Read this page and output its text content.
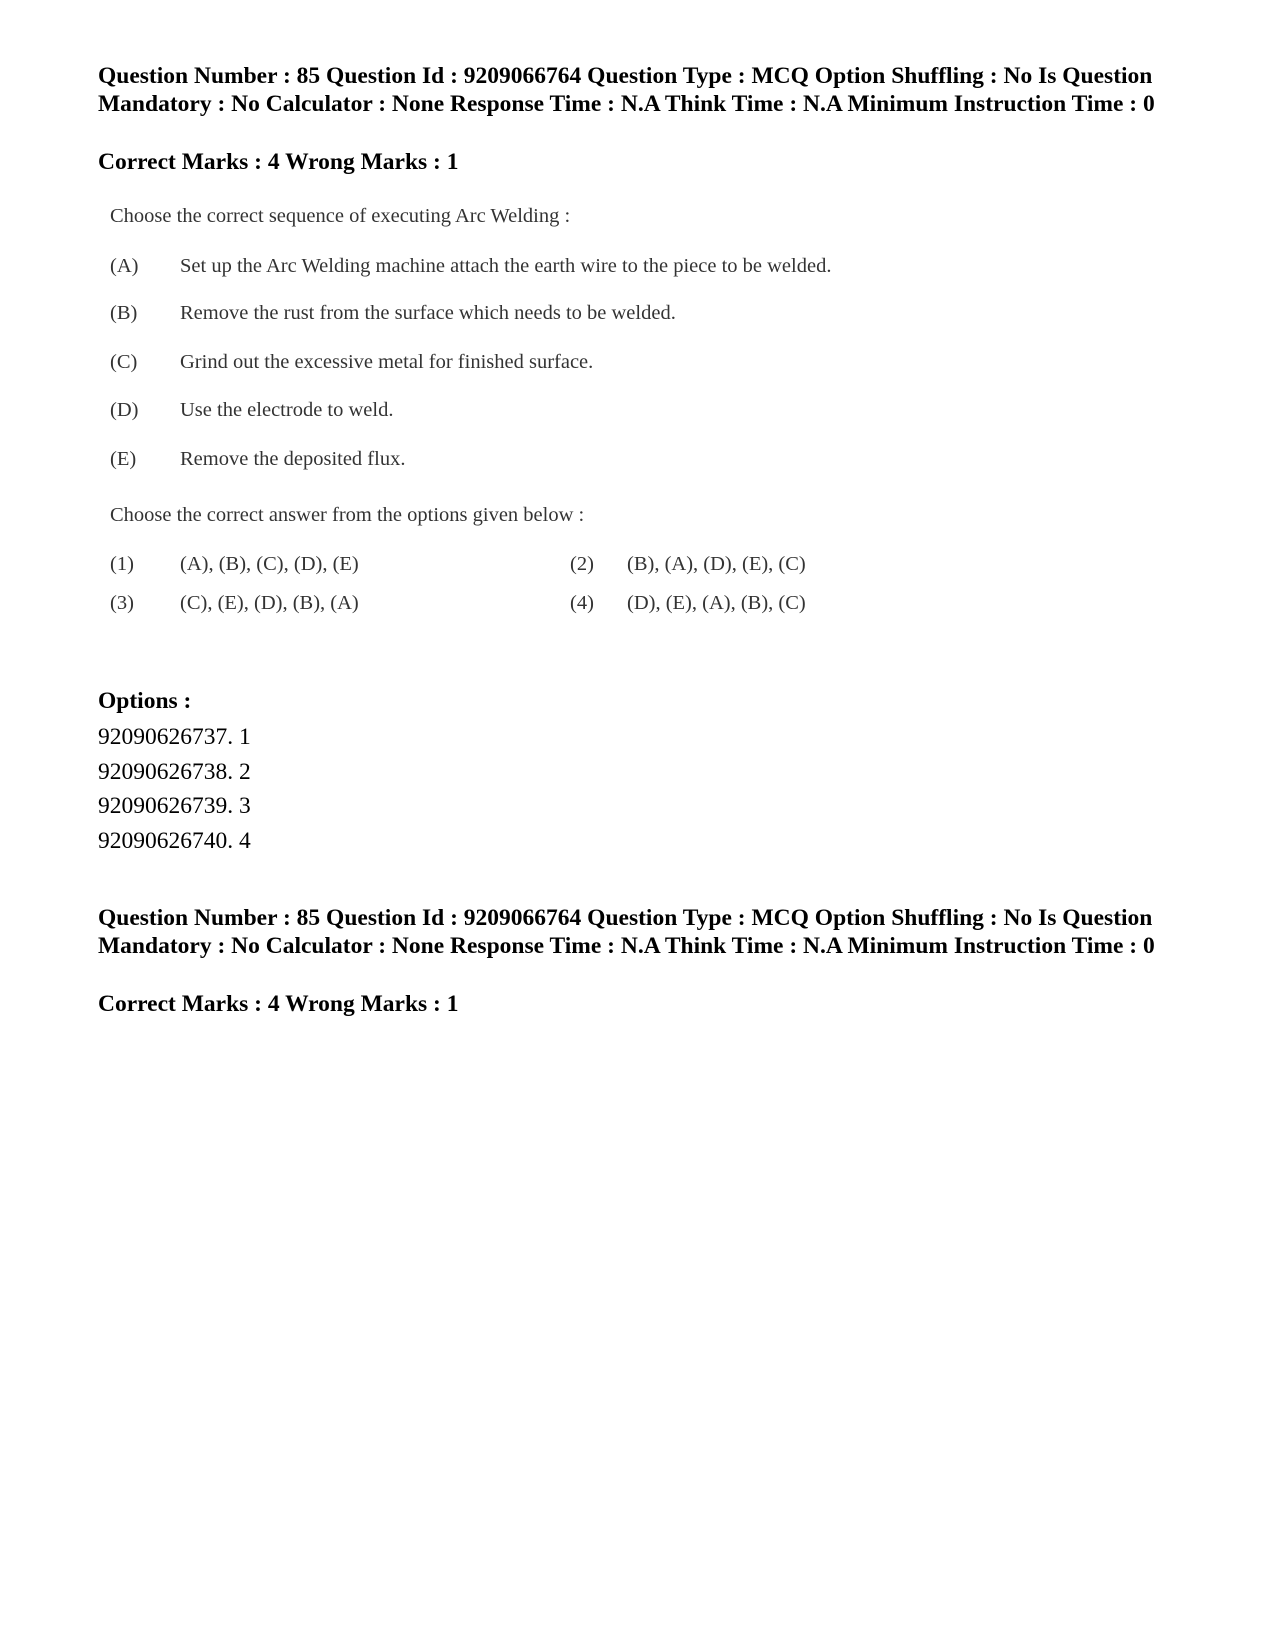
Question Number : 85 Question Id : 9209066764 Question Type : MCQ Option Shuffling : No Is Question Mandatory : No Calculator : None Response Time : N.A Think Time : N.A Minimum Instruction Time : 0

Correct Marks : 4 Wrong Marks : 1
Choose the correct sequence of executing Arc Welding :
(A) Set up the Arc Welding machine attach the earth wire to the piece to be welded.
(B) Remove the rust from the surface which needs to be welded.
(C) Grind out the excessive metal for finished surface.
(D) Use the electrode to weld.
(E) Remove the deposited flux.
Choose the correct answer from the options given below :
(1) (A), (B), (C), (D), (E)	(2) (B), (A), (D), (E), (C)
(3) (C), (E), (D), (B), (A)	(4) (D), (E), (A), (B), (C)
Options :
92090626737. 1
92090626738. 2
92090626739. 3
92090626740. 4

Question Number : 85 Question Id : 9209066764 Question Type : MCQ Option Shuffling : No Is Question Mandatory : No Calculator : None Response Time : N.A Think Time : N.A Minimum Instruction Time : 0

Correct Marks : 4 Wrong Marks : 1
